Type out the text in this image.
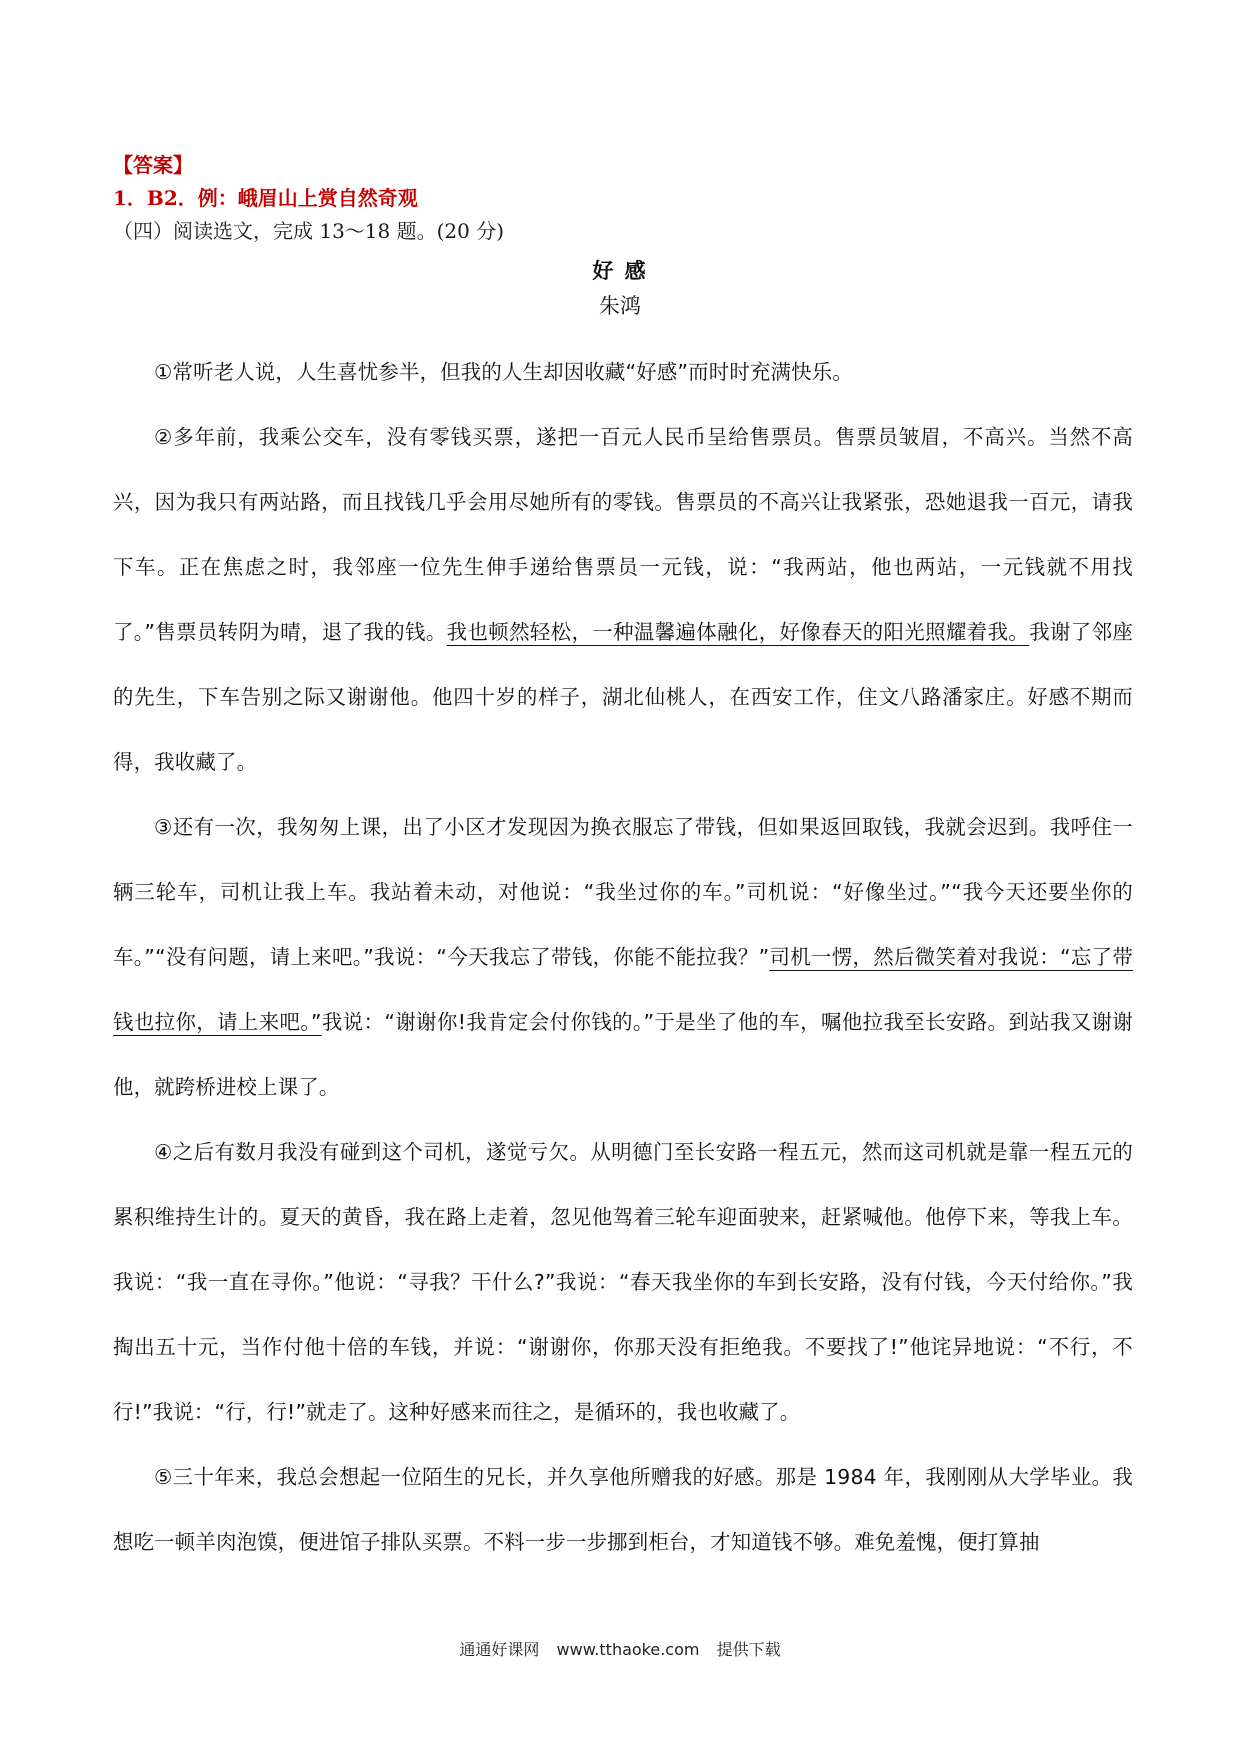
【答案】
1．B2．例：峨眉山上赏自然奇观
（四）阅读选文，完成 13～18 题。(20 分)
好 感
朱鸿

①常听老人说，人生喜忧参半，但我的人生却因收藏“好感”而时时充满快乐。

②多年前，我乘公交车，没有零钱买票，遂把一百元人民币呈给售票员。售票员皱眉，不高兴。当然不高兴，因为我只有两站路，而且找钱几乎会用尽她所有的零钱。售票员的不高兴让我紧张，恐她退我一百元，请我下车。正在焦虑之时，我邻座一位先生伸手递给售票员一元钱，说：“我两站，他也两站，一元钱就不用找了。”售票员转阴为晴，退了我的钱。我也顿然轻松，一种温馨遍体融化，好像春天的阳光照耀着我。我谢了邻座的先生，下车告别之际又谢谢他。他四十岁的样子，湖北仙桃人，在西安工作，住文八路潘家庄。好感不期而得，我收藏了。

③还有一次，我匆匆上课，出了小区才发现因为换衣服忘了带钱，但如果返回取钱，我就会迟到。我呼住一辆三轮车，司机让我上车。我站着未动，对他说：“我坐过你的车。”司机说：“好像坐过。”“我今天还要坐你的车。”“没有问题，请上来吧。”我说：“今天我忘了带钱，你能不能拉我？”司机一愣，然后微笑着对我说：“忘了带钱也拉你，请上来吧。”我说：“谢谢你!我肯定会付你钱的。”于是坐了他的车，嘱他拉我至长安路。到站我又谢谢他，就跨桥进校上课了。

④之后有数月我没有碰到这个司机，遂觉亏欠。从明德门至长安路一程五元，然而这司机就是靠一程五元的累积维持生计的。夏天的黄昏，我在路上走着，忽见他驾着三轮车迎面驶来，赶紧喊他。他停下来，等我上车。我说：“我一直在寻你。”他说：“寻我？干什么?”我说：“春天我坐你的车到长安路，没有付钱，今天付给你。”我掏出五十元，当作付他十倍的车钱，并说：“谢谢你，你那天没有拒绝我。不要找了!”他诧异地说：“不行，不行!”我说：“行，行!”就走了。这种好感来而往之，是循环的，我也收藏了。

⑤三十年来，我总会想起一位陌生的兄长，并久享他所赠我的好感。那是 1984 年，我刚刚从大学毕业。我想吃一顿羊肉泡馍，便进馆子排队买票。不料一步一步挪到柜台，才知道钱不够。难免羞愧，便打算抽

通通好课网 www.tthaoke.com 提供下载
